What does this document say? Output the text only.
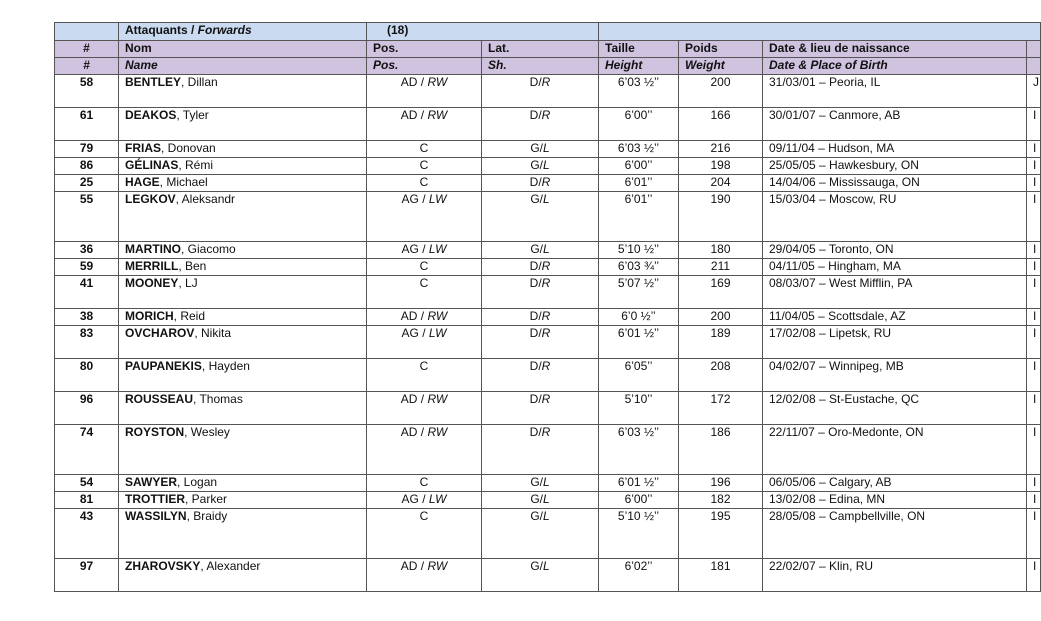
	Attaquants / Forwards	(18)					
#	Nom	Pos.	Lat.	Taille	Poids	Date & lieu de naissance	
#	Name	Pos.	Sh.	Height	Weight	Date & Place of Birth	
58	BENTLEY, Dillan	AD / RW	D/R	6’03 ½’’	200	31/03/01 – Peoria, IL	J
61	DEAKOS, Tyler	AD / RW	D/R	6’00’’	166	30/01/07 – Canmore, AB	I
79	FRIAS, Donovan	C	G/L	6’03 ½’’	216	09/11/04 – Hudson, MA	I
86	GÉLINAS, Rémi	C	G/L	6’00’’	198	25/05/05 – Hawkesbury, ON	I
25	HAGE, Michael	C	D/R	6’01’’	204	14/04/06 – Mississauga, ON	I
55	LEGKOV, Aleksandr	AG / LW	G/L	6’01’’	190	15/03/04 – Moscow, RU	I
36	MARTINO, Giacomo	AG / LW	G/L	5’10 ½’’	180	29/04/05 – Toronto, ON	I
59	MERRILL, Ben	C	D/R	6’03 ¾’’	211	04/11/05 – Hingham, MA	I
41	MOONEY, LJ	C	D/R	5’07 ½’’	169	08/03/07 – West Mifflin, PA	I
38	MORICH, Reid	AD / RW	D/R	6’0 ½’’	200	11/04/05 – Scottsdale, AZ	I
83	OVCHAROV, Nikita	AG / LW	D/R	6’01 ½’’	189	17/02/08 – Lipetsk, RU	I
80	PAUPANEKIS, Hayden	C	D/R	6’05’’	208	04/02/07 – Winnipeg, MB	I
96	ROUSSEAU, Thomas	AD / RW	D/R	5’10’’	172	12/02/08 – St-Eustache, QC	I
74	ROYSTON, Wesley	AD / RW	D/R	6’03 ½’’	186	22/11/07 – Oro-Medonte, ON	I
54	SAWYER, Logan	C	G/L	6’01 ½’’	196	06/05/06 – Calgary, AB	I
81	TROTTIER, Parker	AG / LW	G/L	6’00’’	182	13/02/08 – Edina, MN	I
43	WASSILYN, Braidy	C	G/L	5’10 ½’’	195	28/05/08 – Campbellville, ON	I
97	ZHAROVSKY, Alexander	AD / RW	G/L	6’02’’	181	22/02/07 – Klin, RU	I
